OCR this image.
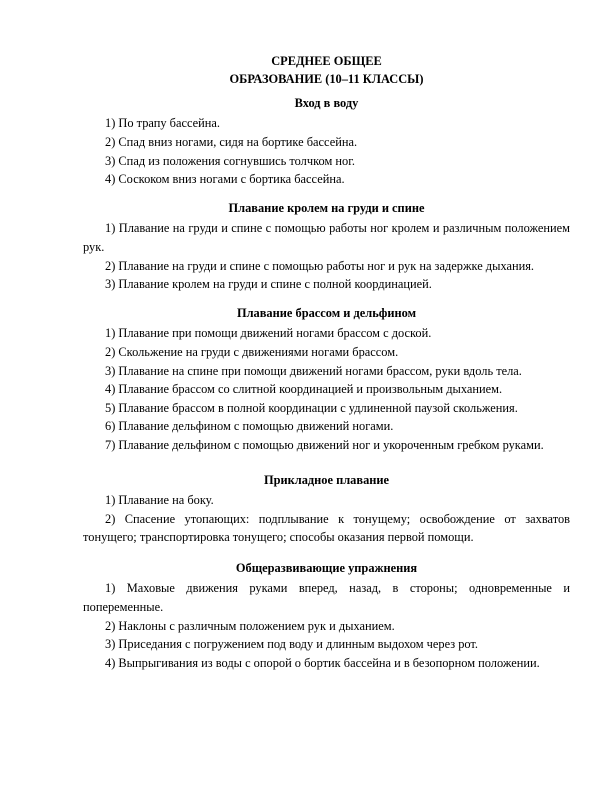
СРЕДНЕЕ ОБЩЕЕ

ОБРАЗОВАНИЕ (10–11 КЛАССЫ)

Вход в воду

1) По трапу бассейна.

2) Спад вниз ногами, сидя на бортике бассейна.

3) Спад из положения согнувшись толчком ног.

4) Соскоком вниз ногами с бортика бассейна.

Плавание кролем на груди и спине

1) Плавание на груди и спине с помощью работы ног кролем и различным положением рук.

2) Плавание на груди и спине с помощью работы ног и рук на задержке дыхания.

3) Плавание кролем на груди и спине с полной координацией.

Плавание брассом и дельфином

1) Плавание при помощи движений ногами брассом с доской.

2) Скольжение на груди с движениями ногами брассом.

3) Плавание на спине при помощи движений ногами брассом, руки вдоль тела.

4) Плавание брассом со слитной координацией и произвольным дыханием.

5) Плавание брассом в полной координации с удлиненной паузой скольжения.

6) Плавание дельфином с помощью движений ногами.

7) Плавание дельфином с помощью движений ног и укороченным гребком руками.

Прикладное плавание

1) Плавание на боку.

2) Спасение утопающих: подплывание к тонущему; освобождение от захватов тонущего; транспортировка тонущего; способы оказания первой помощи.

Общеразвивающие упражнения

1) Маховые движения руками вперед, назад, в стороны; одновременные и попеременные.

2) Наклоны с различным положением рук и дыханием.

3) Приседания с погружением под воду и длинным выдохом через рот.

4) Выпрыгивания из воды с опорой о бортик бассейна и в безопорном положении.
